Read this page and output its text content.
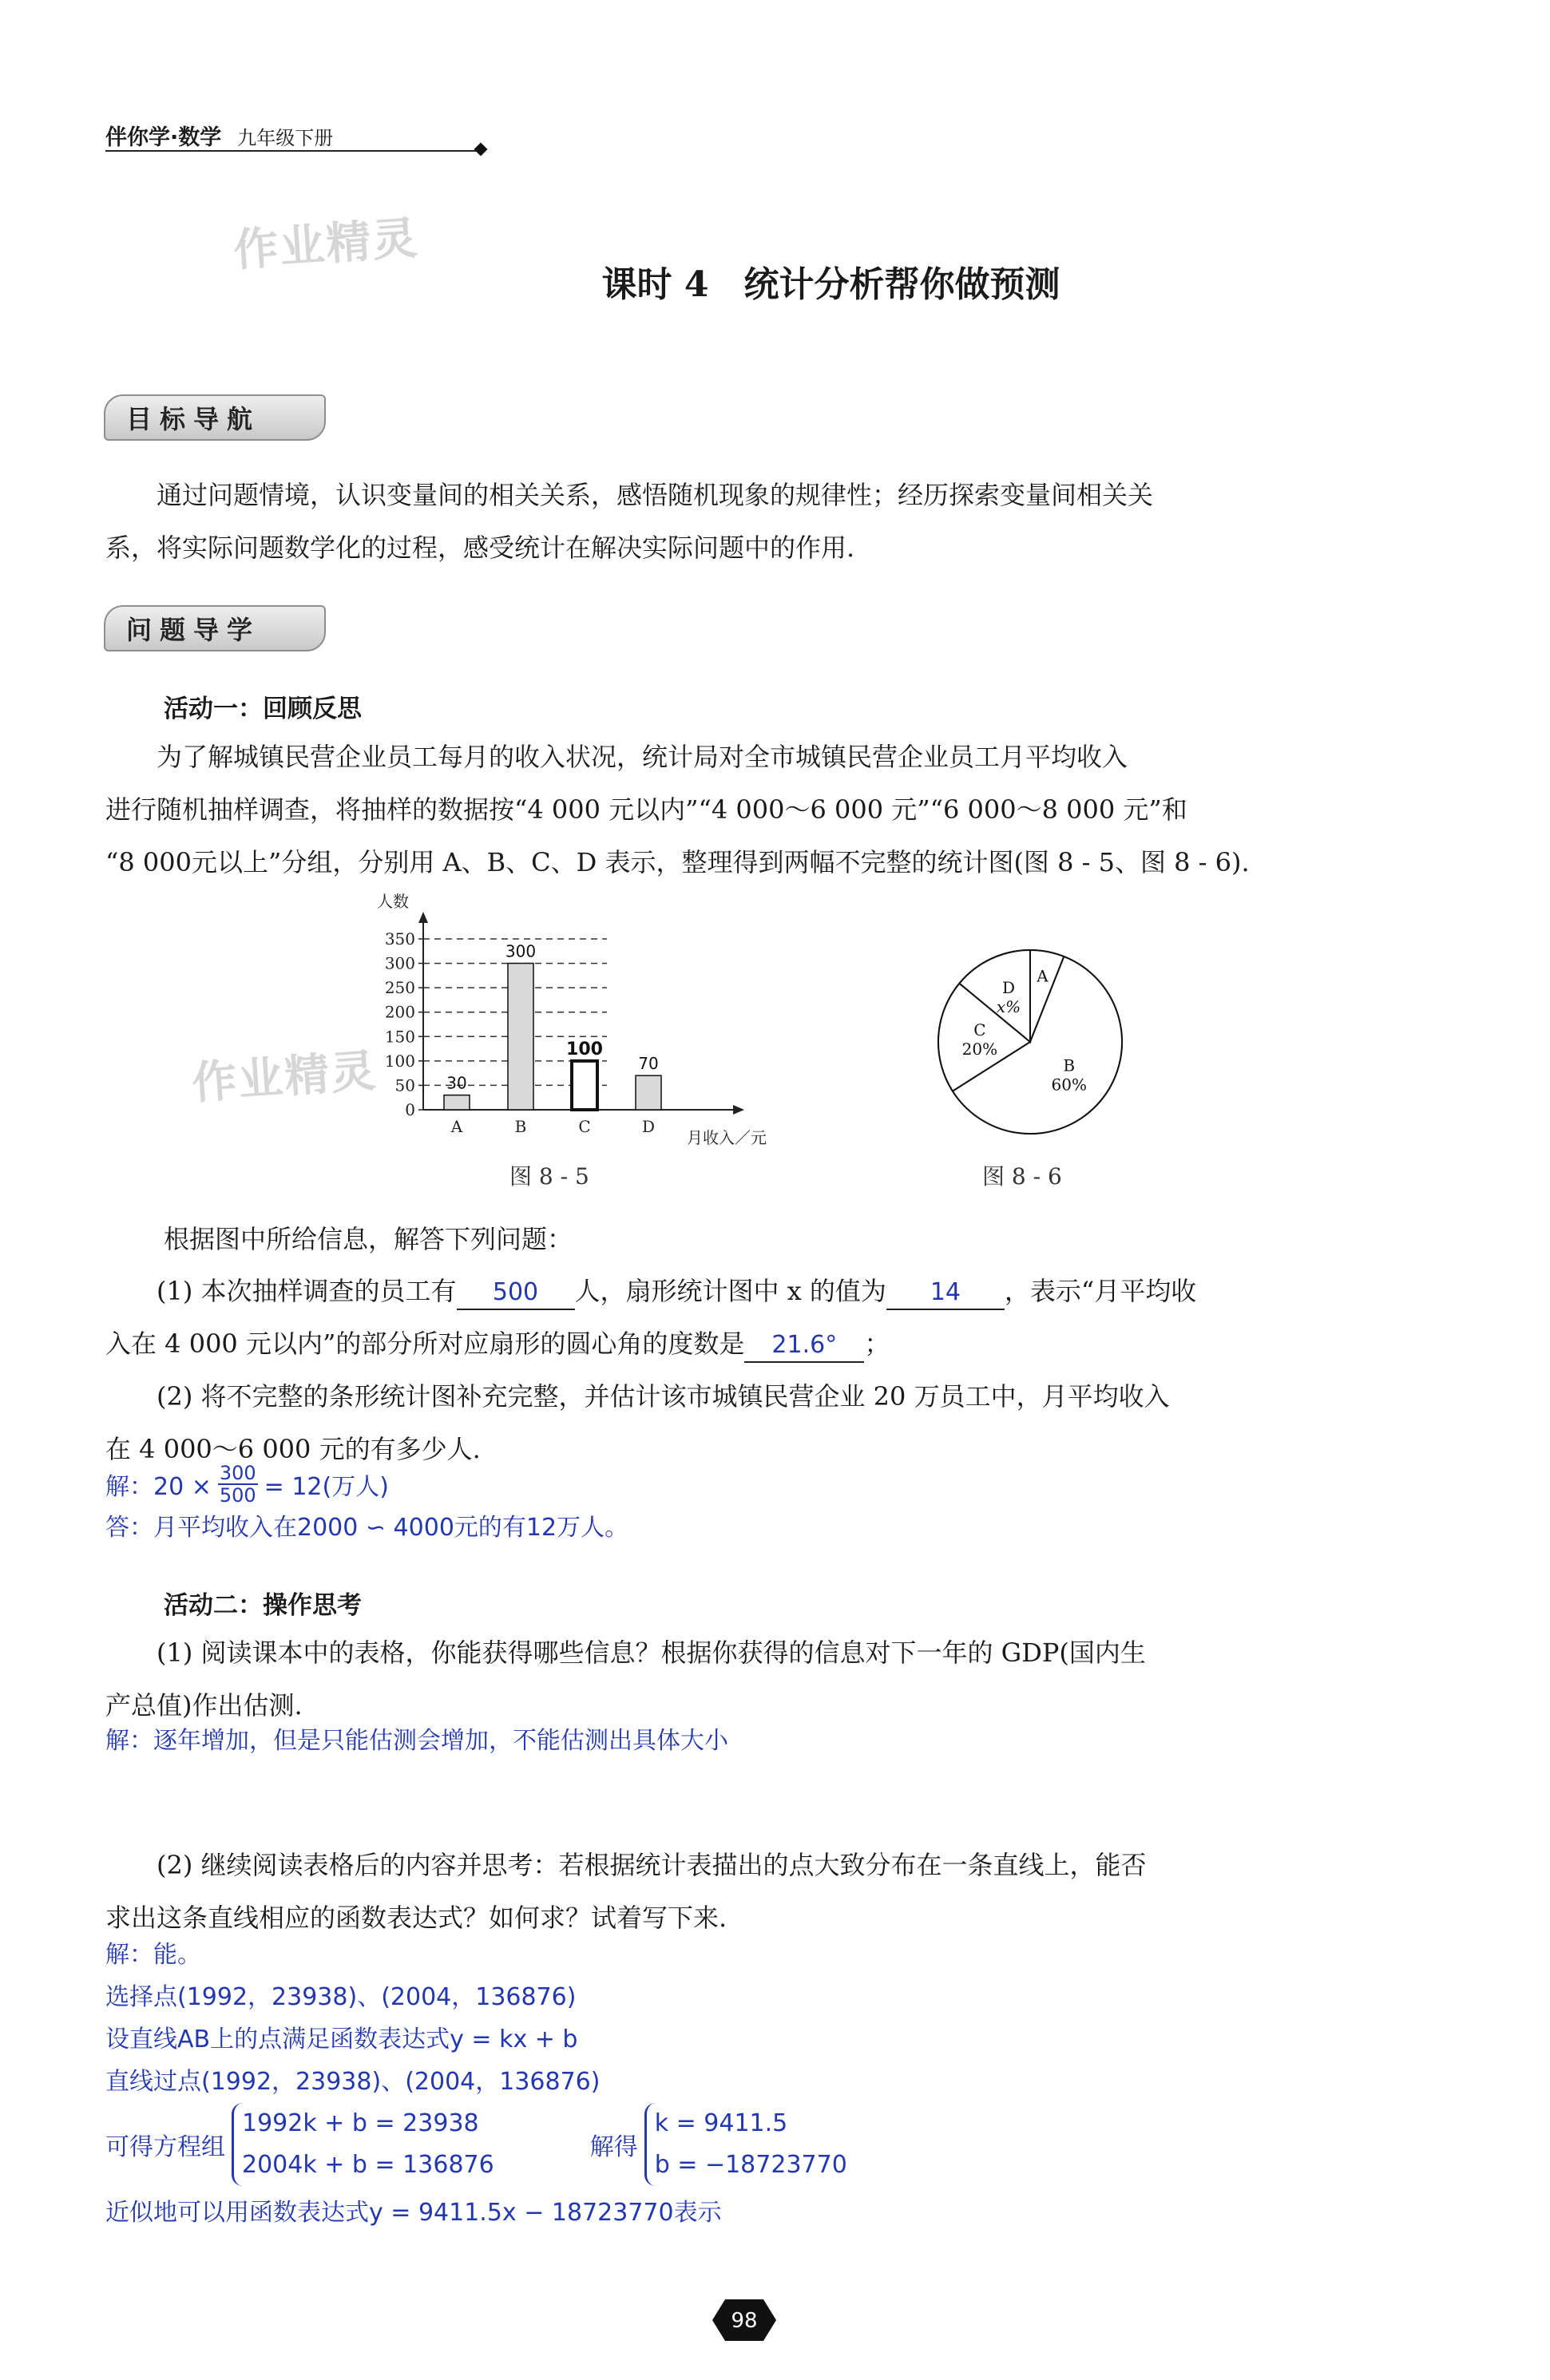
伴你学·数学 九年级下册
作业精灵
作业精灵
课时 4　统计分析帮你做预测
目标导航
通过问题情境，认识变量间的相关关系，感悟随机现象的规律性；经历探索变量间相关关
系，将实际问题数学化的过程，感受统计在解决实际问题中的作用.
问题导学
活动一：回顾反思
为了解城镇民营企业员工每月的收入状况，统计局对全市城镇民营企业员工月平均收入
进行随机抽样调查，将抽样的数据按“4 000 元以内”“4 000～6 000 元”“6 000～8 000 元”和
“8 000元以上”分组，分别用 A、B、C、D 表示，整理得到两幅不完整的统计图(图 8 - 5、图 8 - 6).
0
50
100
150
200
250
300
350
人数
月收入／元
30
A
300
B
100
C
70
D
图 8 - 5
A
B
60%
C
20%
D
x%
图 8 - 6
根据图中所给信息，解答下列问题：
(1) 本次抽样调查的员工有 500 人，扇形统计图中 x 的值为 14 ，表示“月平均收
入在 4 000 元以内”的部分所对应扇形的圆心角的度数是 21.6° ；
(2) 将不完整的条形统计图补充完整，并估计该市城镇民营企业 20 万员工中，月平均收入
在 4 000～6 000 元的有多少人.
解：$20 \times \frac{300}{500} = 12$(万人)
答：月平均收入在2000 ∽ 4000元的有12万人。
活动二：操作思考
(1) 阅读课本中的表格，你能获得哪些信息？根据你获得的信息对下一年的 GDP(国内生
产总值)作出估测.
解：逐年增加，但是只能估测会增加，不能估测出具体大小
(2) 继续阅读表格后的内容并思考：若根据统计表描出的点大致分布在一条直线上，能否
求出这条直线相应的函数表达式？如何求？试着写下来.
解：能。
选择点(1992，23938)、(2004，136876)
设直线AB上的点满足函数表达式y = kx + b
直线过点(1992，23938)、(2004，136876)
可得方程组
1992k + b = 23938
2004k + b = 136876
解得
k = 9411.5
b = −18723770
近似地可以用函数表达式y = 9411.5x − 18723770表示
98
